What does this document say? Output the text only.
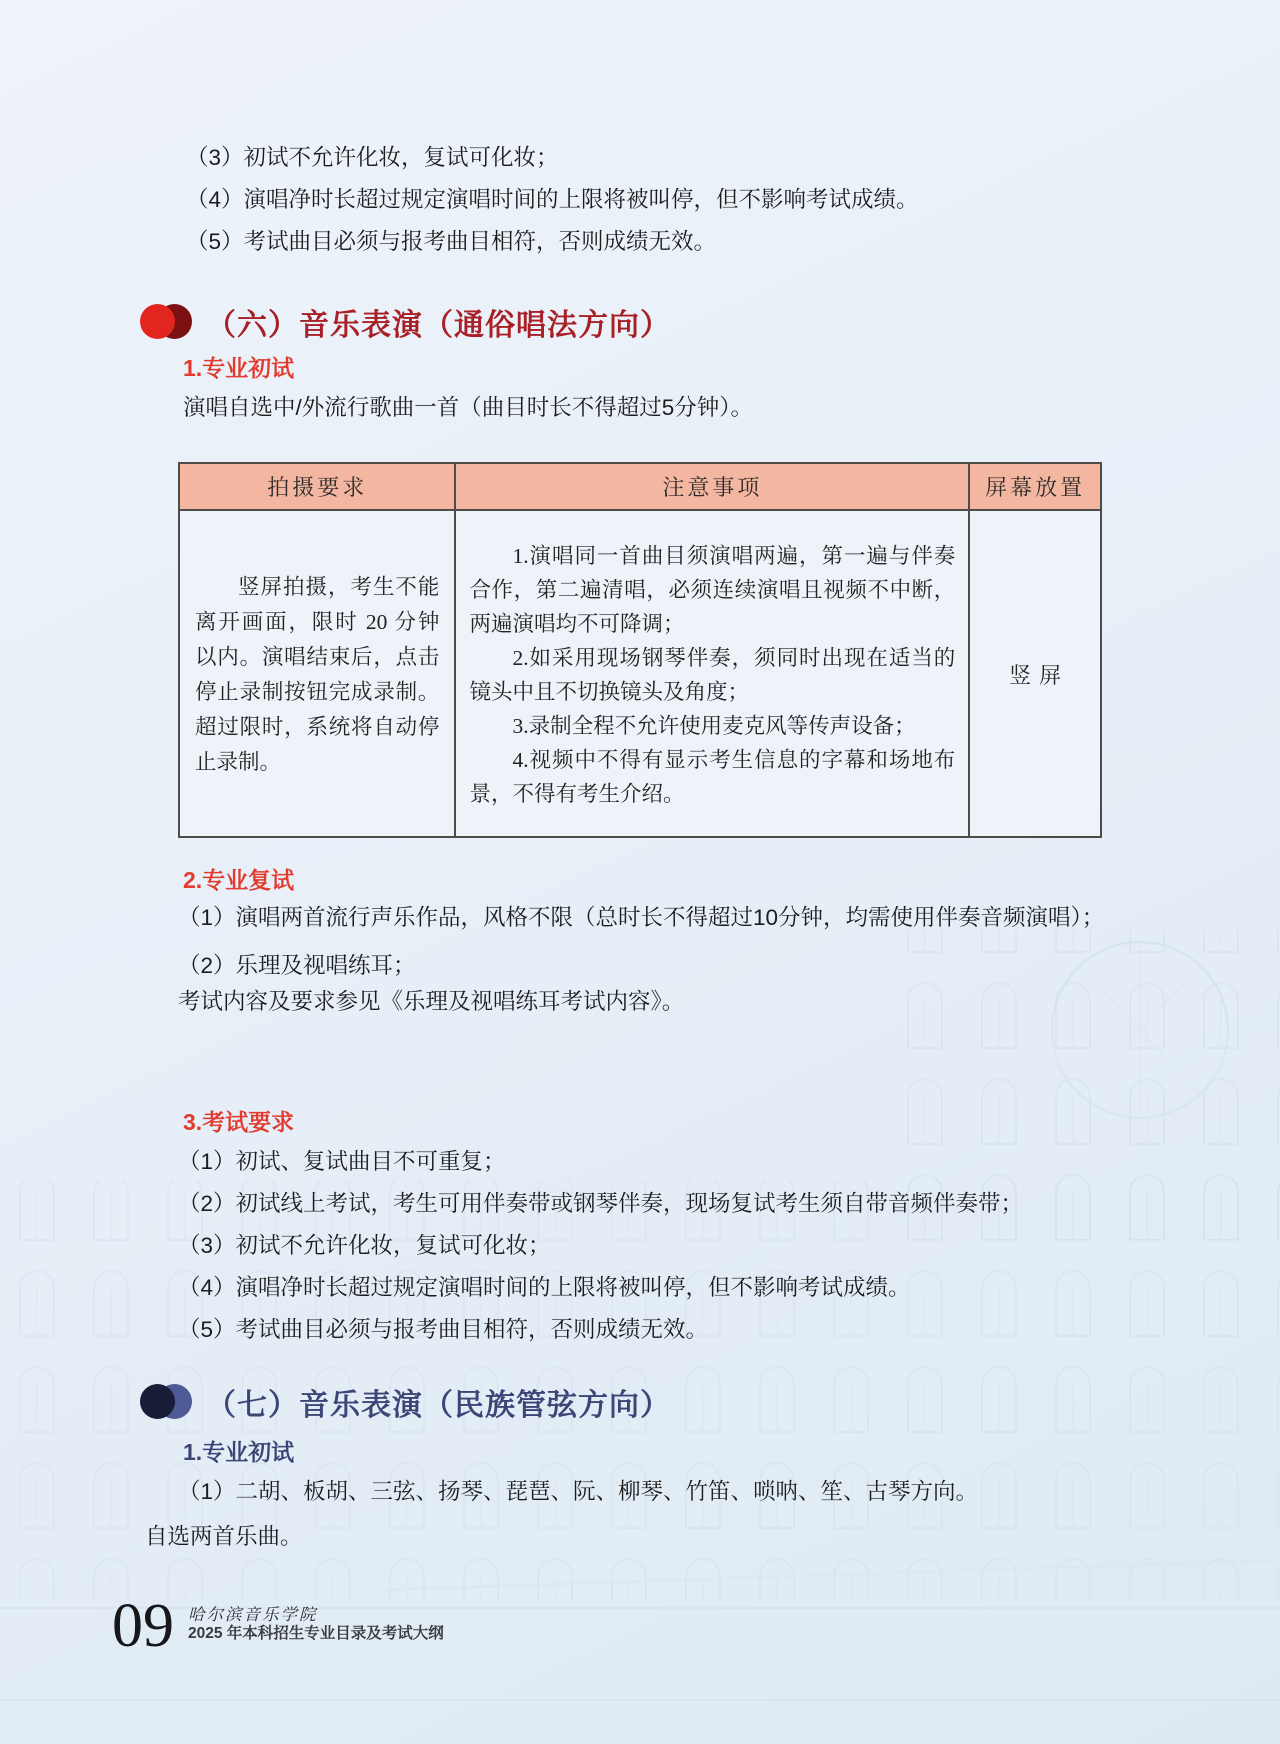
（3）初试不允许化妆，复试可化妆；

（4）演唱净时长超过规定演唱时间的上限将被叫停，但不影响考试成绩。

（5）考试曲目必须与报考曲目相符，否则成绩无效。

（六）音乐表演（通俗唱法方向）
1.专业初试
演唱自选中/外流行歌曲一首（曲目时长不得超过5分钟）。
拍摄要求	注意事项	屏幕放置

竖屏拍摄，考生不能离开画面，限时 20 分钟以内。演唱结束后，点击停止录制按钮完成录制。超过限时，系统将自动停止录制。

1.演唱同一首曲目须演唱两遍，第一遍与伴奏合作，第二遍清唱，必须连续演唱且视频不中断，两遍演唱均不可降调；

2.如采用现场钢琴伴奏，须同时出现在适当的镜头中且不切换镜头及角度；

3.录制全程不允许使用麦克风等传声设备；

4.视频中不得有显示考生信息的字幕和场地布景，不得有考生介绍。

竖屏
2.专业复试

（1）演唱两首流行声乐作品，风格不限（总时长不得超过10分钟，均需使用伴奏音频演唱）；

（2）乐理及视唱练耳；

考试内容及要求参见《乐理及视唱练耳考试内容》。

3.考试要求

（1）初试、复试曲目不可重复；

（2）初试线上考试，考生可用伴奏带或钢琴伴奏，现场复试考生须自带音频伴奏带；

（3）初试不允许化妆，复试可化妆；

（4）演唱净时长超过规定演唱时间的上限将被叫停，但不影响考试成绩。

（5）考试曲目必须与报考曲目相符，否则成绩无效。

（七）音乐表演（民族管弦方向）
1.专业初试

（1）二胡、板胡、三弦、扬琴、琵琶、阮、柳琴、竹笛、唢呐、笙、古琴方向。

自选两首乐曲。

09 哈尔滨音乐学院
2025 年本科招生专业目录及考试大纲
